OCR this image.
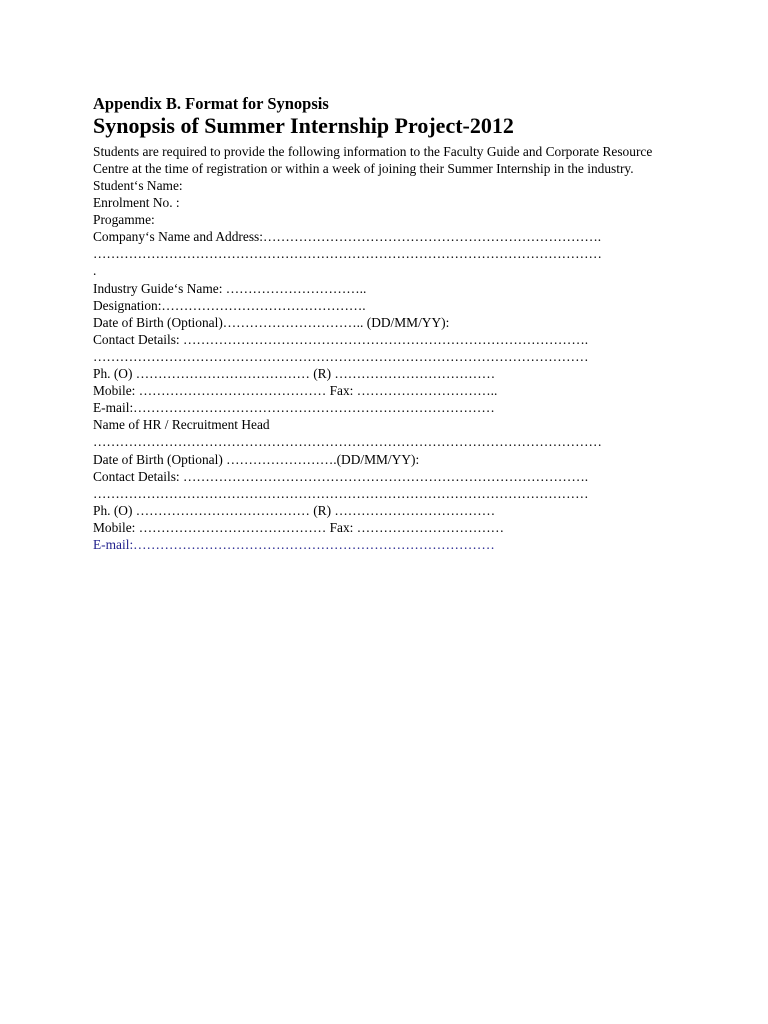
Appendix B. Format for Synopsis
Synopsis of Summer Internship Project-2012
Students are required to provide the following information to the Faculty Guide and Corporate Resource Centre at the time of registration or within a week of joining their Summer Internship in the industry.
Student‘s Name:
Enrolment No. :
Progamme:
Company‘s Name and Address:………………………………………………………………….
……………………………………………………………………………………………………
.
Industry Guide‘s Name: …………………………..
Designation:……………………………………….
Date of Birth (Optional)………………………….. (DD/MM/YY):
Contact Details: ……………………………………………………………………………….
…………………………………………………………………………………………………
Ph. (O) ………………………………… (R) ………………………………
Mobile: …………………………………… Fax: …………………………..
E-mail:………………………………………………………………………
Name of HR / Recruitment Head
……………………………………………………………………………………………………
Date of Birth (Optional) …………………….(DD/MM/YY):
Contact Details: ……………………………………………………………………………….
…………………………………………………………………………………………………
Ph. (O) ………………………………… (R) ………………………………
Mobile: …………………………………… Fax: ……………………………
E-mail:………………………………………………………………………
